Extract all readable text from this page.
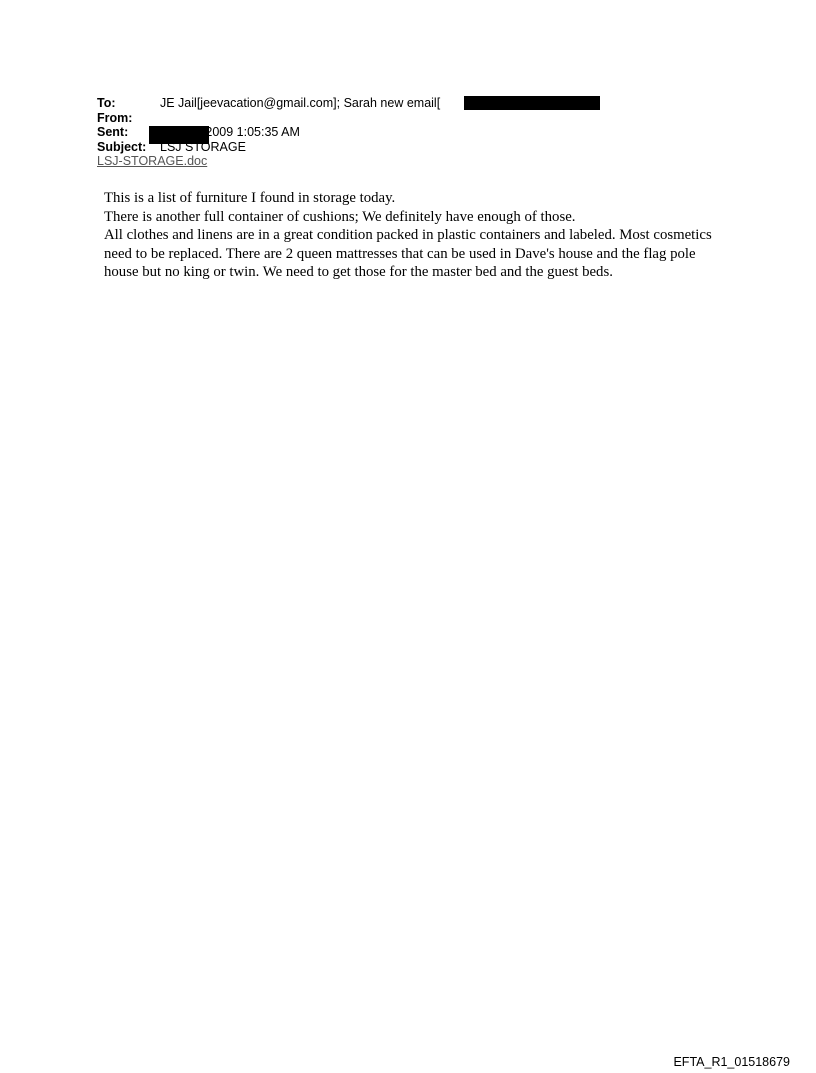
To:	JE Jail[jeevacation@gmail.com]; Sarah new email[
From:
Sent:	Tue 6/9/2009 1:05:35 AM
Subject: LSJ STORAGE
LSJ-STORAGE.doc

This is a list of furniture I found in storage today.

There is another full container of cushions; We definitely have enough of those.

All clothes and linens are in a great condition packed in plastic containers and labeled. Most cosmetics need to be replaced. There are 2 queen mattresses that can be used in Dave's house and the flag pole house but no king or twin. We need to get those for the master bed and the guest beds.

EFTA_R1_01518679
